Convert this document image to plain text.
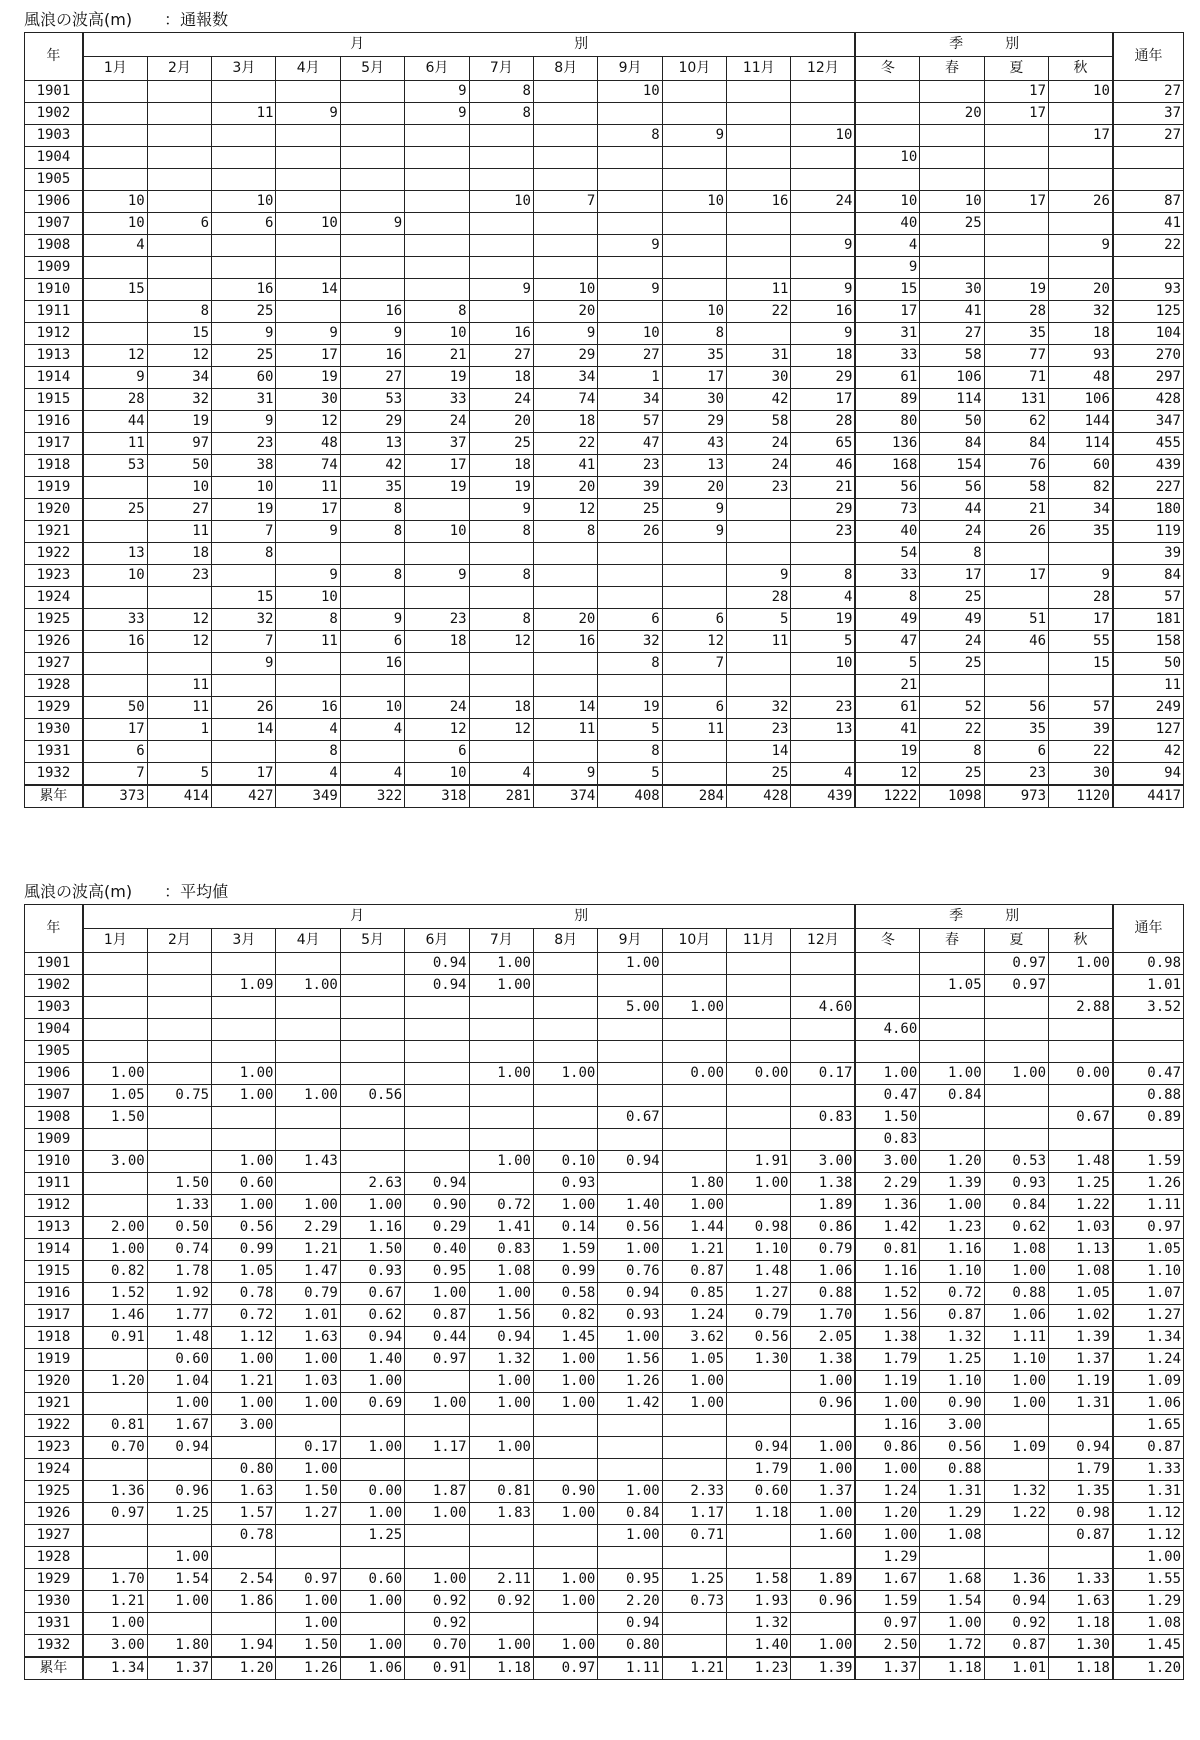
風浪の波高(m)　　：通報数
年	月　　　　　　　　　　　　　　　別												季　　　別				通年
	1月	2月	3月	4月	5月	6月	7月	8月	9月	10月	11月	12月	冬	春	夏	秋	
1901						9	8		10						17	10	27
1902			11	9		9	8							20	17		37
1903									8	9		10				17	27
1904													10				
1905																	
1906	10		10				10	7		10	16	24	10	10	17	26	87
1907	10	6	6	10	9								40	25			41
1908	4								9			9	4			9	22
1909													9				
1910	15		16	14			9	10	9		11	9	15	30	19	20	93
1911		8	25		16	8		20		10	22	16	17	41	28	32	125
1912		15	9	9	9	10	16	9	10	8		9	31	27	35	18	104
1913	12	12	25	17	16	21	27	29	27	35	31	18	33	58	77	93	270
1914	9	34	60	19	27	19	18	34	1	17	30	29	61	106	71	48	297
1915	28	32	31	30	53	33	24	74	34	30	42	17	89	114	131	106	428
1916	44	19	9	12	29	24	20	18	57	29	58	28	80	50	62	144	347
1917	11	97	23	48	13	37	25	22	47	43	24	65	136	84	84	114	455
1918	53	50	38	74	42	17	18	41	23	13	24	46	168	154	76	60	439
1919		10	10	11	35	19	19	20	39	20	23	21	56	56	58	82	227
1920	25	27	19	17	8		9	12	25	9		29	73	44	21	34	180
1921		11	7	9	8	10	8	8	26	9		23	40	24	26	35	119
1922	13	18	8										54	8			39
1923	10	23		9	8	9	8				9	8	33	17	17	9	84
1924			15	10							28	4	8	25		28	57
1925	33	12	32	8	9	23	8	20	6	6	5	19	49	49	51	17	181
1926	16	12	7	11	6	18	12	16	32	12	11	5	47	24	46	55	158
1927			9		16				8	7		10	5	25		15	50
1928		11											21				11
1929	50	11	26	16	10	24	18	14	19	6	32	23	61	52	56	57	249
1930	17	1	14	4	4	12	12	11	5	11	23	13	41	22	35	39	127
1931	6			8		6			8		14		19	8	6	22	42
1932	7	5	17	4	4	10	4	9	5		25	4	12	25	23	30	94
累年	373	414	427	349	322	318	281	374	408	284	428	439	1222	1098	973	1120	4417
風浪の波高(m)　　：平均値
年	月　　　　　　　　　　　　　　　別												季　　　別				通年
	1月	2月	3月	4月	5月	6月	7月	8月	9月	10月	11月	12月	冬	春	夏	秋	
1901						0.94	1.00		1.00						0.97	1.00	0.98
1902			1.09	1.00		0.94	1.00							1.05	0.97		1.01
1903									5.00	1.00		4.60				2.88	3.52
1904													4.60				
1905																	
1906	1.00		1.00				1.00	1.00		0.00	0.00	0.17	1.00	1.00	1.00	0.00	0.47
1907	1.05	0.75	1.00	1.00	0.56								0.47	0.84			0.88
1908	1.50								0.67			0.83	1.50			0.67	0.89
1909													0.83				
1910	3.00		1.00	1.43			1.00	0.10	0.94		1.91	3.00	3.00	1.20	0.53	1.48	1.59
1911		1.50	0.60		2.63	0.94		0.93		1.80	1.00	1.38	2.29	1.39	0.93	1.25	1.26
1912		1.33	1.00	1.00	1.00	0.90	0.72	1.00	1.40	1.00		1.89	1.36	1.00	0.84	1.22	1.11
1913	2.00	0.50	0.56	2.29	1.16	0.29	1.41	0.14	0.56	1.44	0.98	0.86	1.42	1.23	0.62	1.03	0.97
1914	1.00	0.74	0.99	1.21	1.50	0.40	0.83	1.59	1.00	1.21	1.10	0.79	0.81	1.16	1.08	1.13	1.05
1915	0.82	1.78	1.05	1.47	0.93	0.95	1.08	0.99	0.76	0.87	1.48	1.06	1.16	1.10	1.00	1.08	1.10
1916	1.52	1.92	0.78	0.79	0.67	1.00	1.00	0.58	0.94	0.85	1.27	0.88	1.52	0.72	0.88	1.05	1.07
1917	1.46	1.77	0.72	1.01	0.62	0.87	1.56	0.82	0.93	1.24	0.79	1.70	1.56	0.87	1.06	1.02	1.27
1918	0.91	1.48	1.12	1.63	0.94	0.44	0.94	1.45	1.00	3.62	0.56	2.05	1.38	1.32	1.11	1.39	1.34
1919		0.60	1.00	1.00	1.40	0.97	1.32	1.00	1.56	1.05	1.30	1.38	1.79	1.25	1.10	1.37	1.24
1920	1.20	1.04	1.21	1.03	1.00		1.00	1.00	1.26	1.00		1.00	1.19	1.10	1.00	1.19	1.09
1921		1.00	1.00	1.00	0.69	1.00	1.00	1.00	1.42	1.00		0.96	1.00	0.90	1.00	1.31	1.06
1922	0.81	1.67	3.00										1.16	3.00			1.65
1923	0.70	0.94		0.17	1.00	1.17	1.00				0.94	1.00	0.86	0.56	1.09	0.94	0.87
1924			0.80	1.00							1.79	1.00	1.00	0.88		1.79	1.33
1925	1.36	0.96	1.63	1.50	0.00	1.87	0.81	0.90	1.00	2.33	0.60	1.37	1.24	1.31	1.32	1.35	1.31
1926	0.97	1.25	1.57	1.27	1.00	1.00	1.83	1.00	0.84	1.17	1.18	1.00	1.20	1.29	1.22	0.98	1.12
1927			0.78		1.25				1.00	0.71		1.60	1.00	1.08		0.87	1.12
1928		1.00											1.29				1.00
1929	1.70	1.54	2.54	0.97	0.60	1.00	2.11	1.00	0.95	1.25	1.58	1.89	1.67	1.68	1.36	1.33	1.55
1930	1.21	1.00	1.86	1.00	1.00	0.92	0.92	1.00	2.20	0.73	1.93	0.96	1.59	1.54	0.94	1.63	1.29
1931	1.00			1.00		0.92			0.94		1.32		0.97	1.00	0.92	1.18	1.08
1932	3.00	1.80	1.94	1.50	1.00	0.70	1.00	1.00	0.80		1.40	1.00	2.50	1.72	0.87	1.30	1.45
累年	1.34	1.37	1.20	1.26	1.06	0.91	1.18	0.97	1.11	1.21	1.23	1.39	1.37	1.18	1.01	1.18	1.20
